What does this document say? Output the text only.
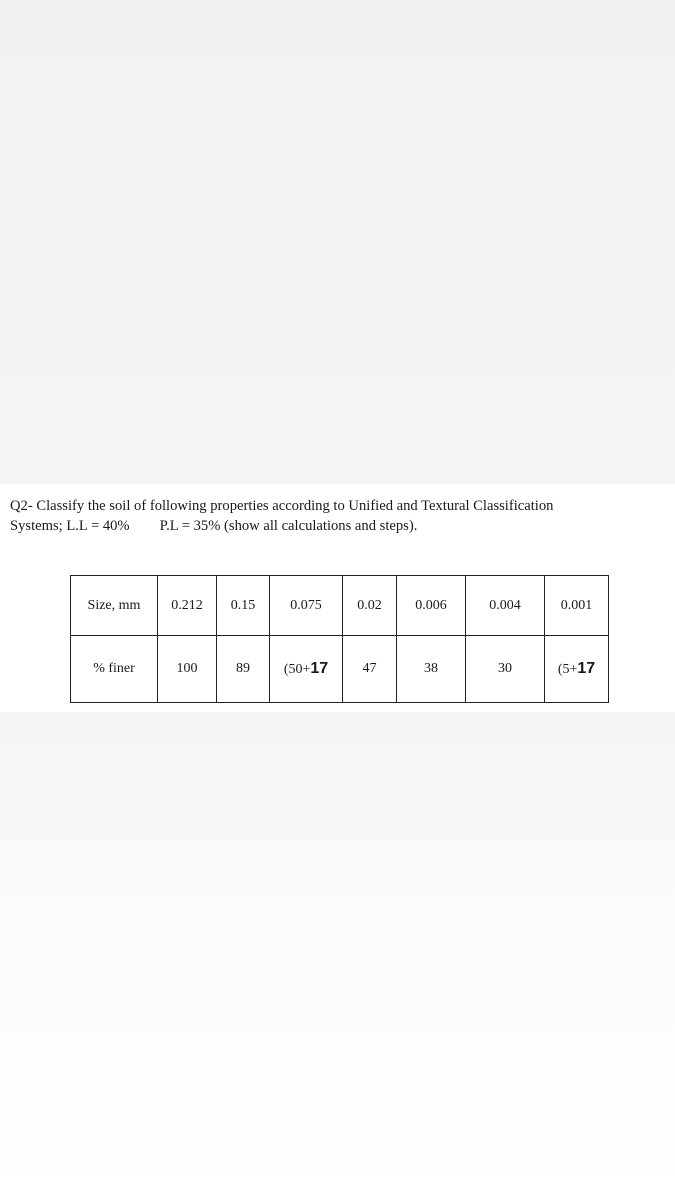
Q2- Classify the soil of following properties according to Unified and Textural Classification
Systems; L.L = 40% P.L = 35% (show all calculations and steps).
Size, mm	0.212	0.15	0.075	0.02	0.006	0.004	0.001
% finer	100	89	(50+17	47	38	30	(5+17
